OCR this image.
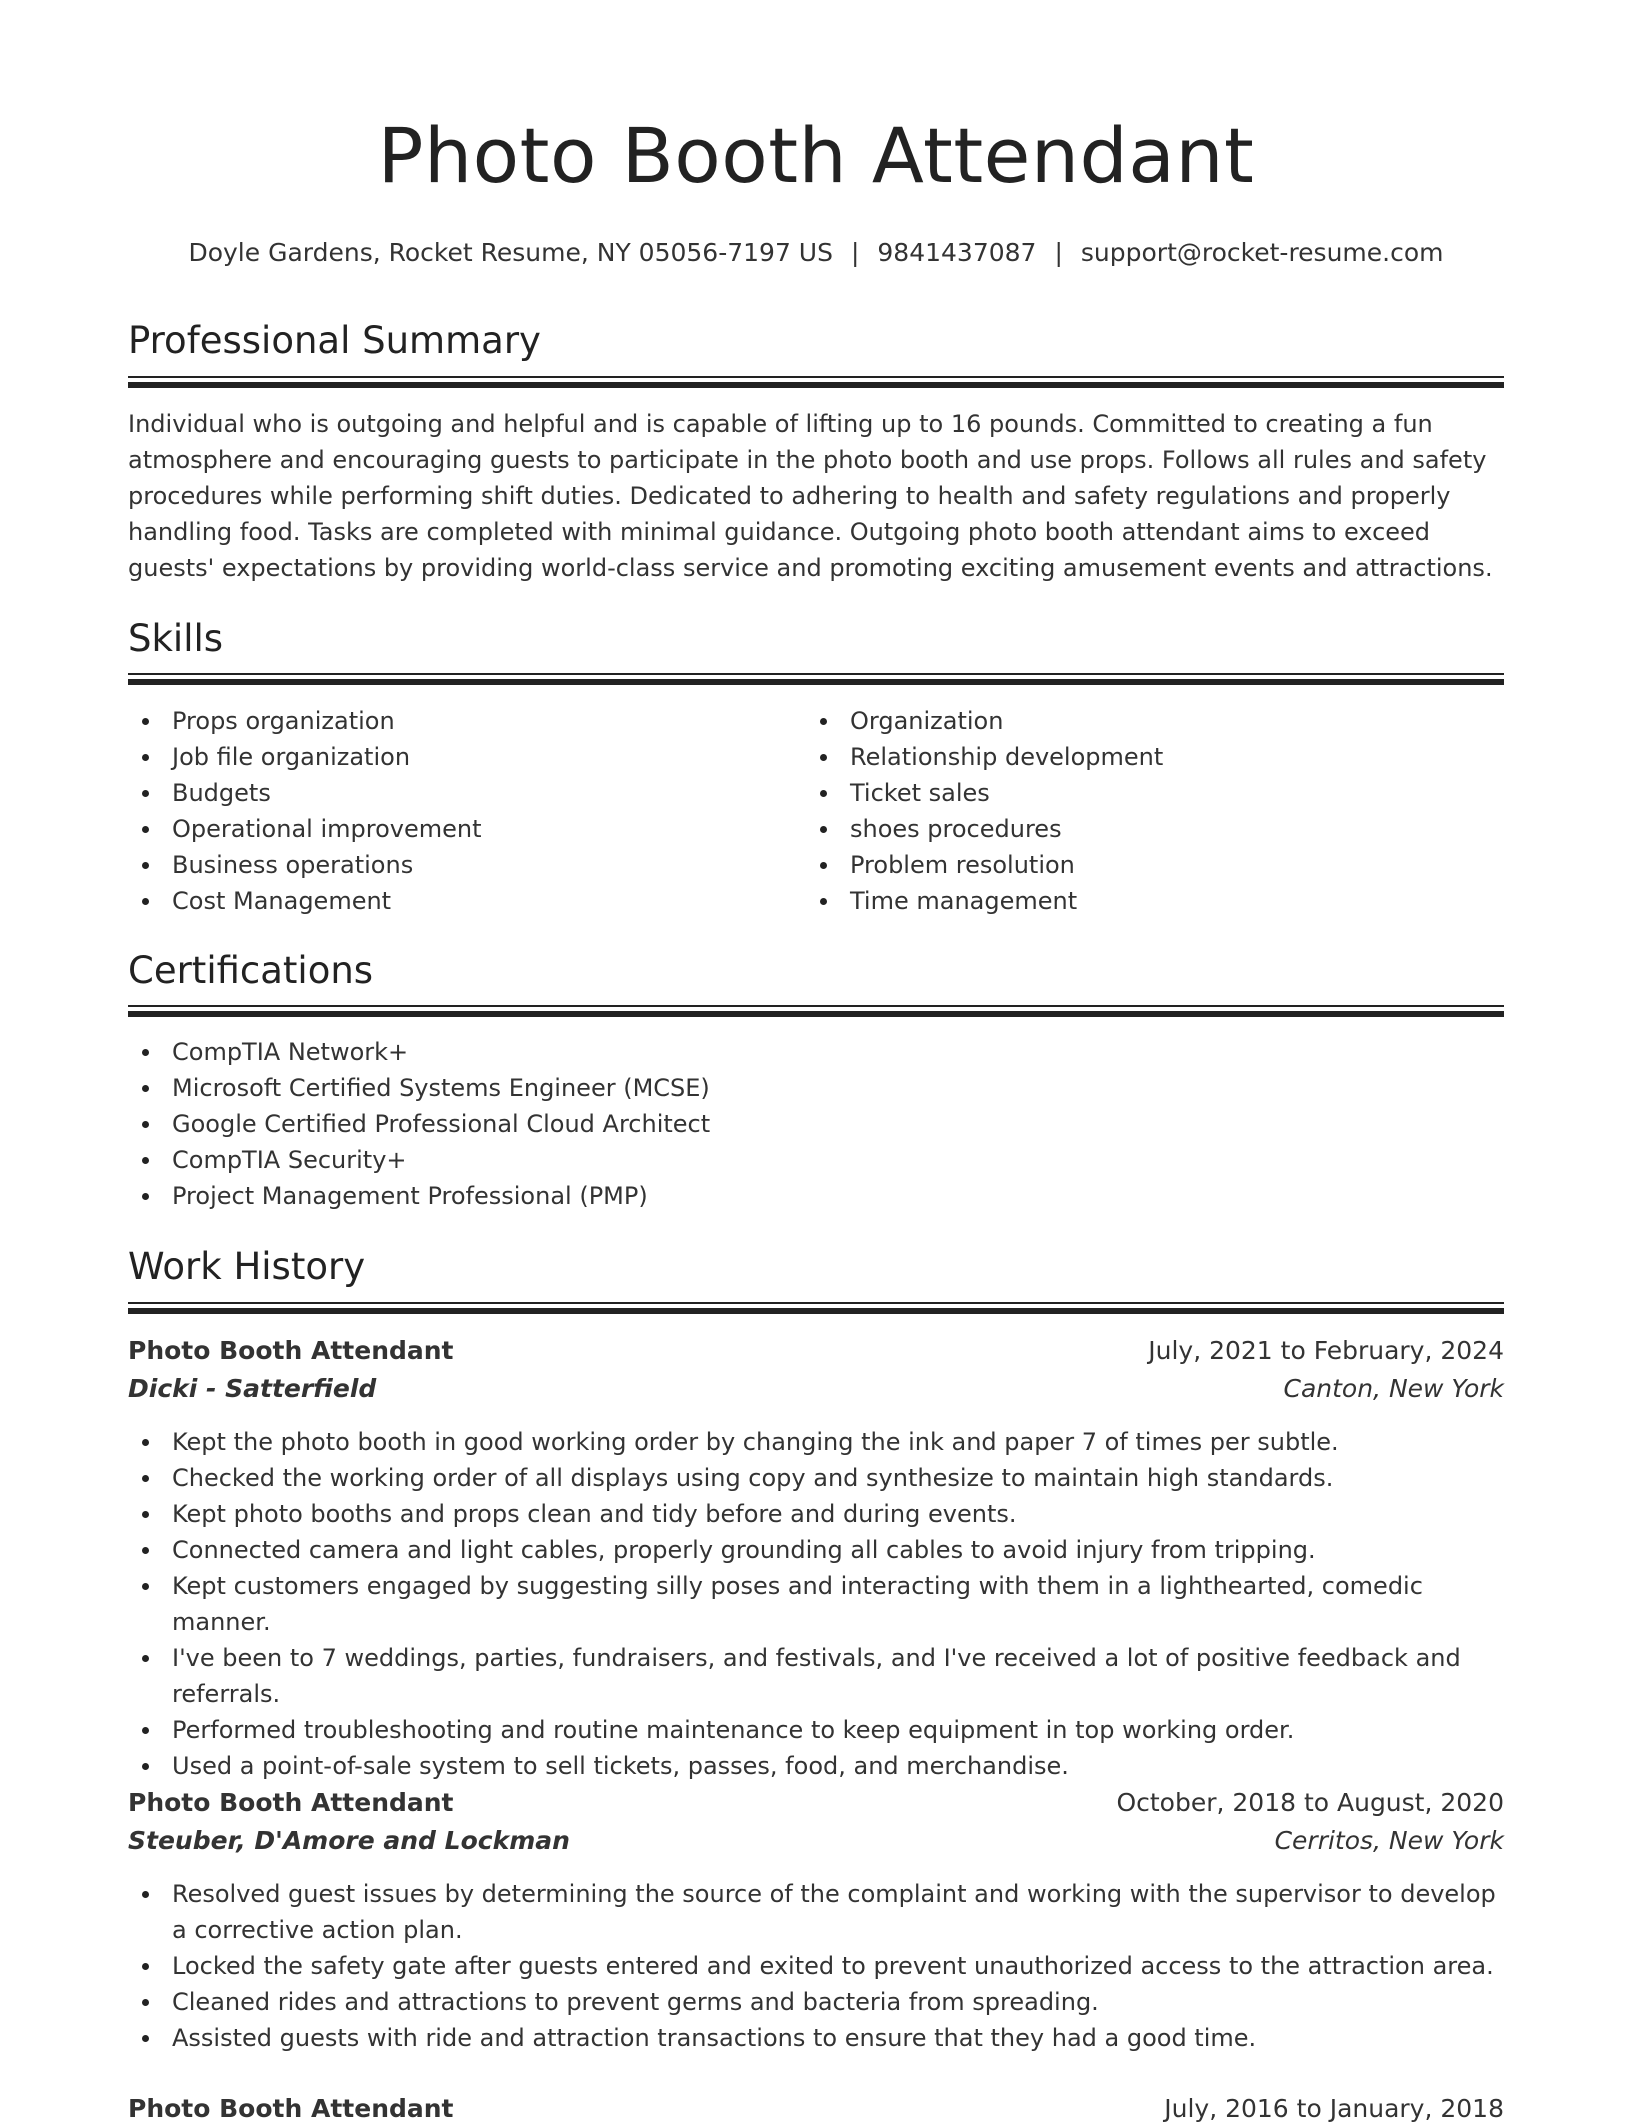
Photo Booth Attendant
Doyle Gardens, Rocket Resume, NY 05056-7197 US | 9841437087 | support@rocket-resume.com
Professional Summary

Individual who is outgoing and helpful and is capable of lifting up to 16 pounds. Committed to creating a fun atmosphere and encouraging guests to participate in the photo booth and use props. Follows all rules and safety procedures while performing shift duties. Dedicated to adhering to health and safety regulations and properly handling food. Tasks are completed with minimal guidance. Outgoing photo booth attendant aims to exceed guests' expectations by providing world-class service and promoting exciting amusement events and attractions.

Skills
Props organization
Job file organization
Budgets
Operational improvement
Business operations
Cost Management
Organization
Relationship development
Ticket sales
shoes procedures
Problem resolution
Time management
Certifications
CompTIA Network+
Microsoft Certified Systems Engineer (MCSE)
Google Certified Professional Cloud Architect
CompTIA Security+
Project Management Professional (PMP)
Work History
Photo Booth Attendant	July, 2021 to February, 2024
Dicki - Satterfield	Canton, New York
Kept the photo booth in good working order by changing the ink and paper 7 of times per subtle.
Checked the working order of all displays using copy and synthesize to maintain high standards.
Kept photo booths and props clean and tidy before and during events.
Connected camera and light cables, properly grounding all cables to avoid injury from tripping.
Kept customers engaged by suggesting silly poses and interacting with them in a lighthearted, comedic manner.
I've been to 7 weddings, parties, fundraisers, and festivals, and I've received a lot of positive feedback and referrals.
Performed troubleshooting and routine maintenance to keep equipment in top working order.
Used a point-of-sale system to sell tickets, passes, food, and merchandise.
Photo Booth Attendant	October, 2018 to August, 2020
Steuber, D'Amore and Lockman	Cerritos, New York
Resolved guest issues by determining the source of the complaint and working with the supervisor to develop a corrective action plan.
Locked the safety gate after guests entered and exited to prevent unauthorized access to the attraction area.
Cleaned rides and attractions to prevent germs and bacteria from spreading.
Assisted guests with ride and attraction transactions to ensure that they had a good time.
Photo Booth Attendant	July, 2016 to January, 2018
